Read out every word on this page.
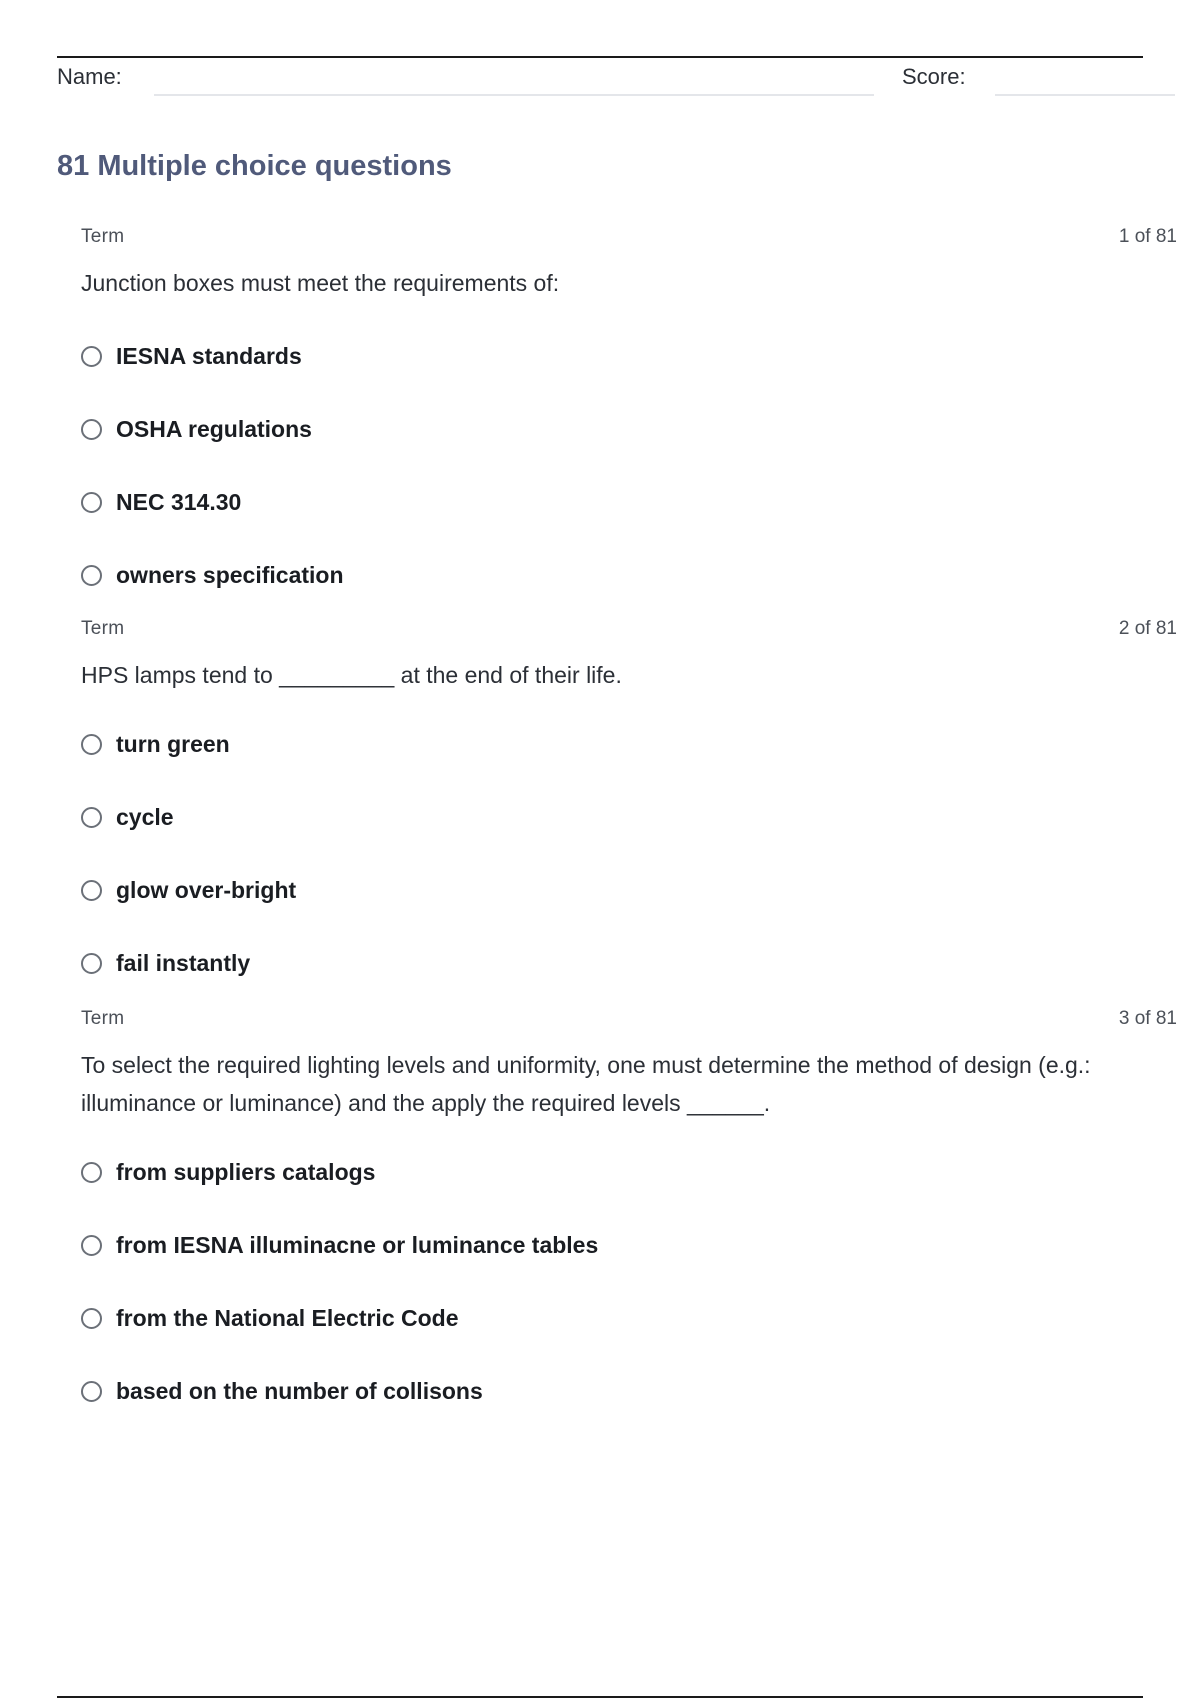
Name:	Score:
81 Multiple choice questions
Term	1 of 81
Junction boxes must meet the requirements of:
IESNA standards
OSHA regulations
NEC 314.30
owners specification
Term	2 of 81
HPS lamps tend to _________ at the end of their life.
turn green
cycle
glow over-bright
fail instantly
Term	3 of 81
To select the required lighting levels and uniformity, one must determine the method of design (e.g.: illuminance or luminance) and the apply the required levels ______.
from suppliers catalogs
from IESNA illuminacne or luminance tables
from the National Electric Code
based on the number of collisons
